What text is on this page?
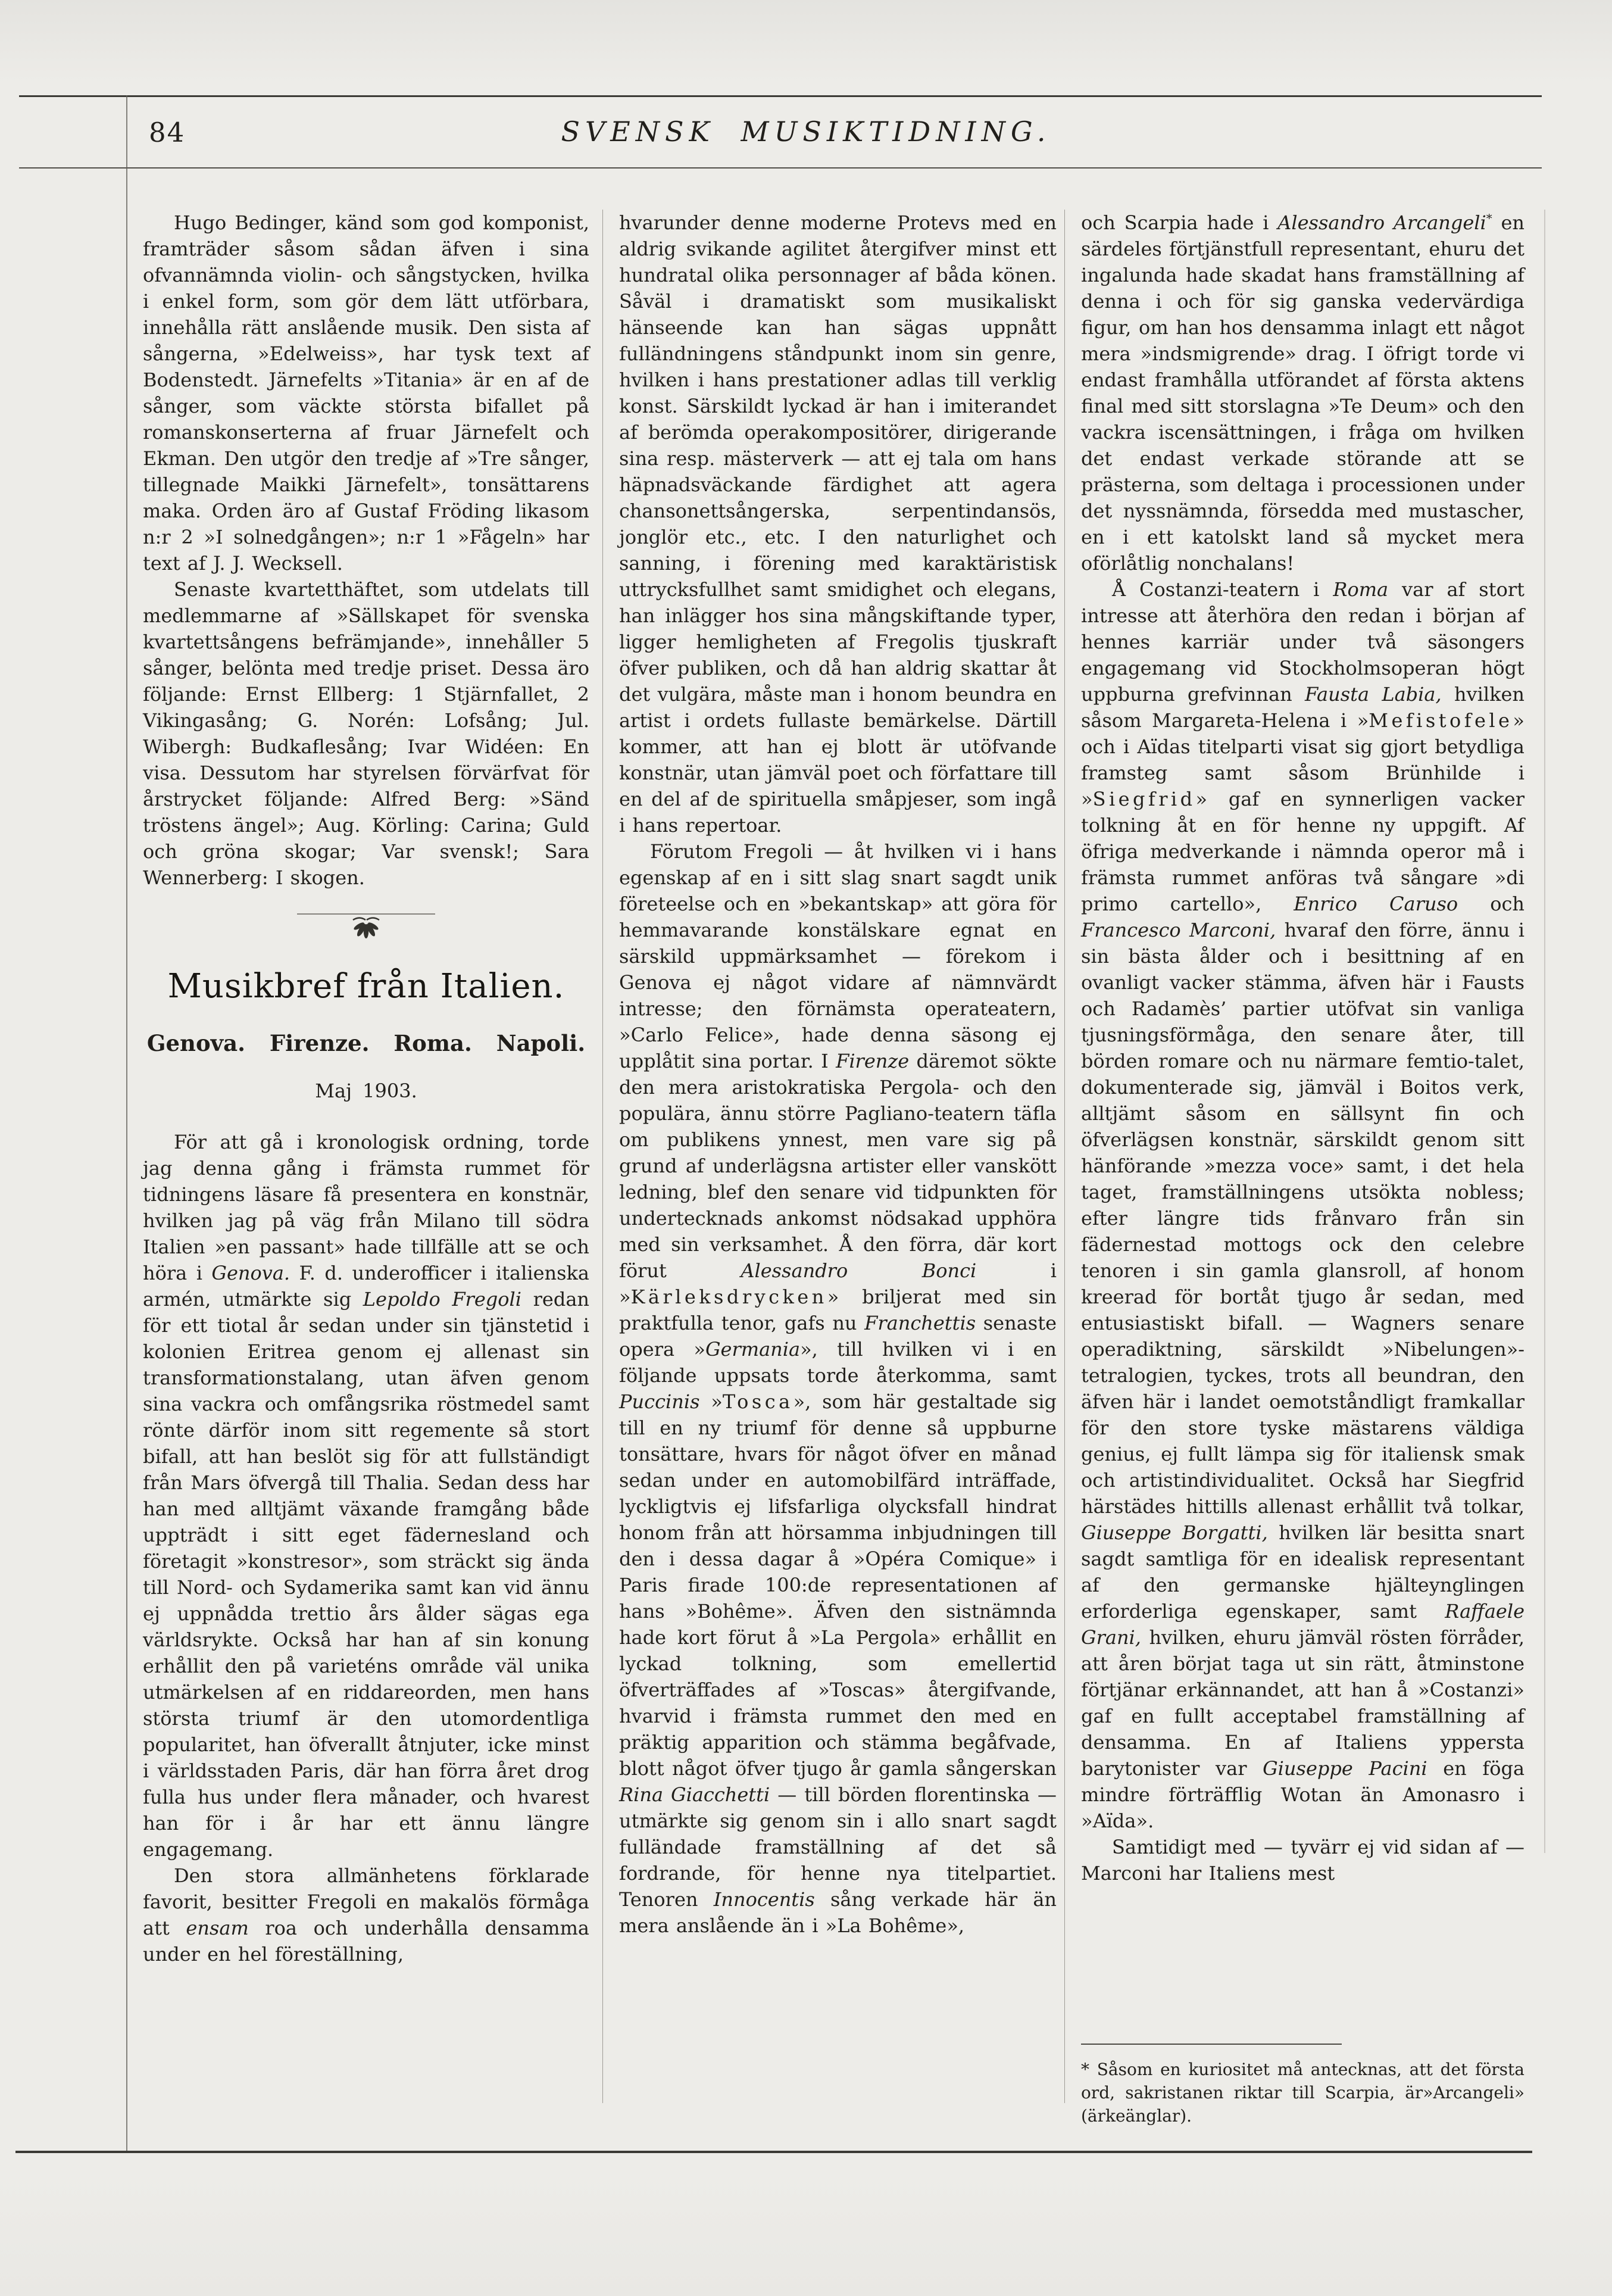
84	SVENSK MUSIKTIDNING.

Hugo Bedinger, känd som god komponist, framträder såsom sådan äfven i sina ofvannämnda violin- och sångstycken, hvilka i enkel form, som gör dem lätt utförbara, innehålla rätt anslående musik. Den sista af sångerna, »Edelweiss», har tysk text af Bodenstedt. Järnefelts »Titania» är en af de sånger, som väckte största bifallet på romanskonserterna af fruar Järnefelt och Ekman. Den utgör den tredje af »Tre sånger, tillegnade Maikki Järnefelt», tonsättarens maka. Orden äro af Gustaf Fröding likasom n:r 2 »I solnedgången»; n:r 1 »Fågeln» har text af J. J. Wecksell.

Senaste kvartetthäftet, som utdelats till medlemmarne af »Sällskapet för svenska kvartettsångens befrämjande», innehåller 5 sånger, belönta med tredje priset. Dessa äro följande: Ernst Ellberg: 1 Stjärnfallet, 2 Vikingasång; G. Norén: Lofsång; Jul. Wibergh: Budkaflesång; Ivar Widéen: En visa. Dessutom har styrelsen förvärfvat för årstrycket följande: Alfred Berg: »Sänd tröstens ängel»; Aug. Körling: Carina; Guld och gröna skogar; Var svensk!; Sara Wennerberg: I skogen.

Musikbref från Italien.
Genova. Firenze. Roma. Napoli.
Maj 1903.

För att gå i kronologisk ordning, torde jag denna gång i främsta rummet för tidningens läsare få presentera en konstnär, hvilken jag på väg från Milano till södra Italien »en passant» hade tillfälle att se och höra i Genova. F. d. underofficer i italienska armén, utmärkte sig Lepoldo Fregoli redan för ett tiotal år sedan under sin tjänstetid i kolonien Eritrea genom ej allenast sin transformationstalang, utan äfven genom sina vackra och omfångsrika röstmedel samt rönte därför inom sitt regemente så stort bifall, att han beslöt sig för att fullständigt från Mars öfvergå till Thalia. Sedan dess har han med alltjämt växande framgång både uppträdt i sitt eget fädernesland och företagit »konstresor», som sträckt sig ända till Nord- och Sydamerika samt kan vid ännu ej uppnådda trettio års ålder sägas ega världsrykte. Också har han af sin konung erhållit den på varieténs område väl unika utmärkelsen af en riddareorden, men hans största triumf är den utomordentliga popularitet, han öfverallt åtnjuter, icke minst i världsstaden Paris, där han förra året drog fulla hus under flera månader, och hvarest han för i år har ett ännu längre engagemang.

Den stora allmänhetens förklarade favorit, besitter Fregoli en makalös förmåga att ensam roa och underhålla densamma under en hel föreställning,

hvarunder denne moderne Protevs med en aldrig svikande agilitet återgifver minst ett hundratal olika personnager af båda könen. Såväl i dramatiskt som musikaliskt hänseende kan han sägas uppnått fulländningens ståndpunkt inom sin genre, hvilken i hans prestationer adlas till verklig konst. Särskildt lyckad är han i imiterandet af berömda operakompositörer, dirigerande sina resp. mästerverk — att ej tala om hans häpnadsväckande färdighet att agera chansonettsångerska, serpentindansös, jonglör etc., etc. I den naturlighet och sanning, i förening med karaktäristisk uttrycksfullhet samt smidighet och elegans, han inlägger hos sina mångskiftande typer, ligger hemligheten af Fregolis tjuskraft öfver publiken, och då han aldrig skattar åt det vulgära, måste man i honom beundra en artist i ordets fullaste bemärkelse. Därtill kommer, att han ej blott är utöfvande konstnär, utan jämväl poet och författare till en del af de spirituella småpjeser, som ingå i hans repertoar.

Förutom Fregoli — åt hvilken vi i hans egenskap af en i sitt slag snart sagdt unik företeelse och en »bekantskap» att göra för hemmavarande konstälskare egnat en särskild uppmärksamhet — förekom i Genova ej något vidare af nämnvärdt intresse; den förnämsta operateatern, »Carlo Felice», hade denna säsong ej upplåtit sina portar. I Firenze däremot sökte den mera aristokratiska Pergola- och den populära, ännu större Pagliano-teatern täfla om publikens ynnest, men vare sig på grund af underlägsna artister eller vanskött ledning, blef den senare vid tidpunkten för undertecknads ankomst nödsakad upphöra med sin verksamhet. Å den förra, där kort förut Alessandro Bonci i »Kärleksdrycken» briljerat med sin praktfulla tenor, gafs nu Franchettis senaste opera »Germania», till hvilken vi i en följande uppsats torde återkomma, samt Puccinis »Tosca», som här gestaltade sig till en ny triumf för denne så uppburne tonsättare, hvars för något öfver en månad sedan under en automobilfärd inträffade, lyckligtvis ej lifsfarliga olycksfall hindrat honom från att hörsamma inbjudningen till den i dessa dagar å »Opéra Comique» i Paris firade 100:de representationen af hans »Bohême». Äfven den sistnämnda hade kort förut å »La Pergola» erhållit en lyckad tolkning, som emellertid öfverträffades af »Toscas» återgifvande, hvarvid i främsta rummet den med en präktig apparition och stämma begåfvade, blott något öfver tjugo år gamla sångerskan Rina Giacchetti — till börden florentinska — utmärkte sig genom sin i allo snart sagdt fulländade framställning af det så fordrande, för henne nya titelpartiet. Tenoren Innocentis sång verkade här än mera anslående än i »La Bohême»,

och Scarpia hade i Alessandro Arcangeli* en särdeles förtjänstfull representant, ehuru det ingalunda hade skadat hans framställning af denna i och för sig ganska vedervärdiga figur, om han hos densamma inlagt ett något mera »indsmigrende» drag. I öfrigt torde vi endast framhålla utförandet af första aktens final med sitt storslagna »Te Deum» och den vackra iscensättningen, i fråga om hvilken det endast verkade störande att se prästerna, som deltaga i processionen under det nyssnämnda, försedda med mustascher, en i ett katolskt land så mycket mera oförlåtlig nonchalans!

Å Costanzi-teatern i Roma var af stort intresse att återhöra den redan i början af hennes karriär under två säsongers engagemang vid Stockholmsoperan högt uppburna grefvinnan Fausta Labia, hvilken såsom Margareta-Helena i »Mefistofele» och i Aïdas titelparti visat sig gjort betydliga framsteg samt såsom Brünhilde i »Siegfrid» gaf en synnerligen vacker tolkning åt en för henne ny uppgift. Af öfriga medverkande i nämnda operor må i främsta rummet anföras två sångare »di primo cartello», Enrico Caruso och Francesco Marconi, hvaraf den förre, ännu i sin bästa ålder och i besittning af en ovanligt vacker stämma, äfven här i Fausts och Radamès’ partier utöfvat sin vanliga tjusningsförmåga, den senare åter, till börden romare och nu närmare femtio-talet, dokumenterade sig, jämväl i Boitos verk, alltjämt såsom en sällsynt fin och öfverlägsen konstnär, särskildt genom sitt hänförande »mezza voce» samt, i det hela taget, framställningens utsökta nobless; efter längre tids frånvaro från sin fädernestad mottogs ock den celebre tenoren i sin gamla glansroll, af honom kreerad för bortåt tjugo år sedan, med entusiastiskt bifall. — Wagners senare operadiktning, särskildt »Nibelungen»-tetralogien, tyckes, trots all beundran, den äfven här i landet oemotståndligt framkallar för den store tyske mästarens väldiga genius, ej fullt lämpa sig för italiensk smak och artistindividualitet. Också har Siegfrid härstädes hittills allenast erhållit två tolkar, Giuseppe Borgatti, hvilken lär besitta snart sagdt samtliga för en idealisk representant af den germanske hjälteynglingen erforderliga egenskaper, samt Raffaele Grani, hvilken, ehuru jämväl rösten förråder, att åren börjat taga ut sin rätt, åtminstone förtjänar erkännandet, att han å »Costanzi» gaf en fullt acceptabel framställning af densamma. En af Italiens yppersta barytonister var Giuseppe Pacini en föga mindre förträfflig Wotan än Amonasro i »Aïda».

Samtidigt med — tyvärr ej vid sidan af — Marconi har Italiens mest

* Såsom en kuriositet må antecknas, att det första ord, sakristanen riktar till Scarpia, är»Arcangeli» (ärkeänglar).
